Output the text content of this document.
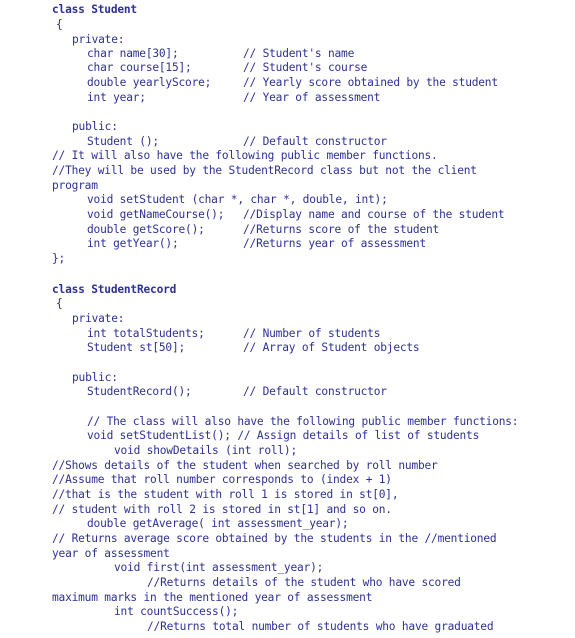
class Student
{
private:
char name[30];	// Student's name
char course[15];	// Student's course
double yearlyScore;	// Yearly score obtained by the student
int year;	// Year of assessment
public:
Student ();	// Default constructor
// It will also have the following public member functions.
//They will be used by the StudentRecord class but not the client
program
void setStudent (char *, char *, double, int);
void getNameCourse(); //Display name and course of the student
double getScore();	//Returns score of the student
int getYear();	//Returns year of assessment
};
class StudentRecord
{
private:
int totalStudents;	// Number of students
Student st[50];	// Array of Student objects
public:
StudentRecord();	// Default constructor
// The class will also have the following public member functions:
void setStudentList(); // Assign details of list of students
void showDetails (int roll);
//Shows details of the student when searched by roll number
//Assume that roll number corresponds to (index + 1)
//that is the student with roll 1 is stored in st[0],
// student with roll 2 is stored in st[1] and so on.
double getAverage( int assessment_year);
// Returns average score obtained by the students in the //mentioned
year of assessment
void first(int assessment_year);
//Returns details of the student who have scored
maximum marks in the mentioned year of assessment
int countSuccess();
//Returns total number of students who have graduated
